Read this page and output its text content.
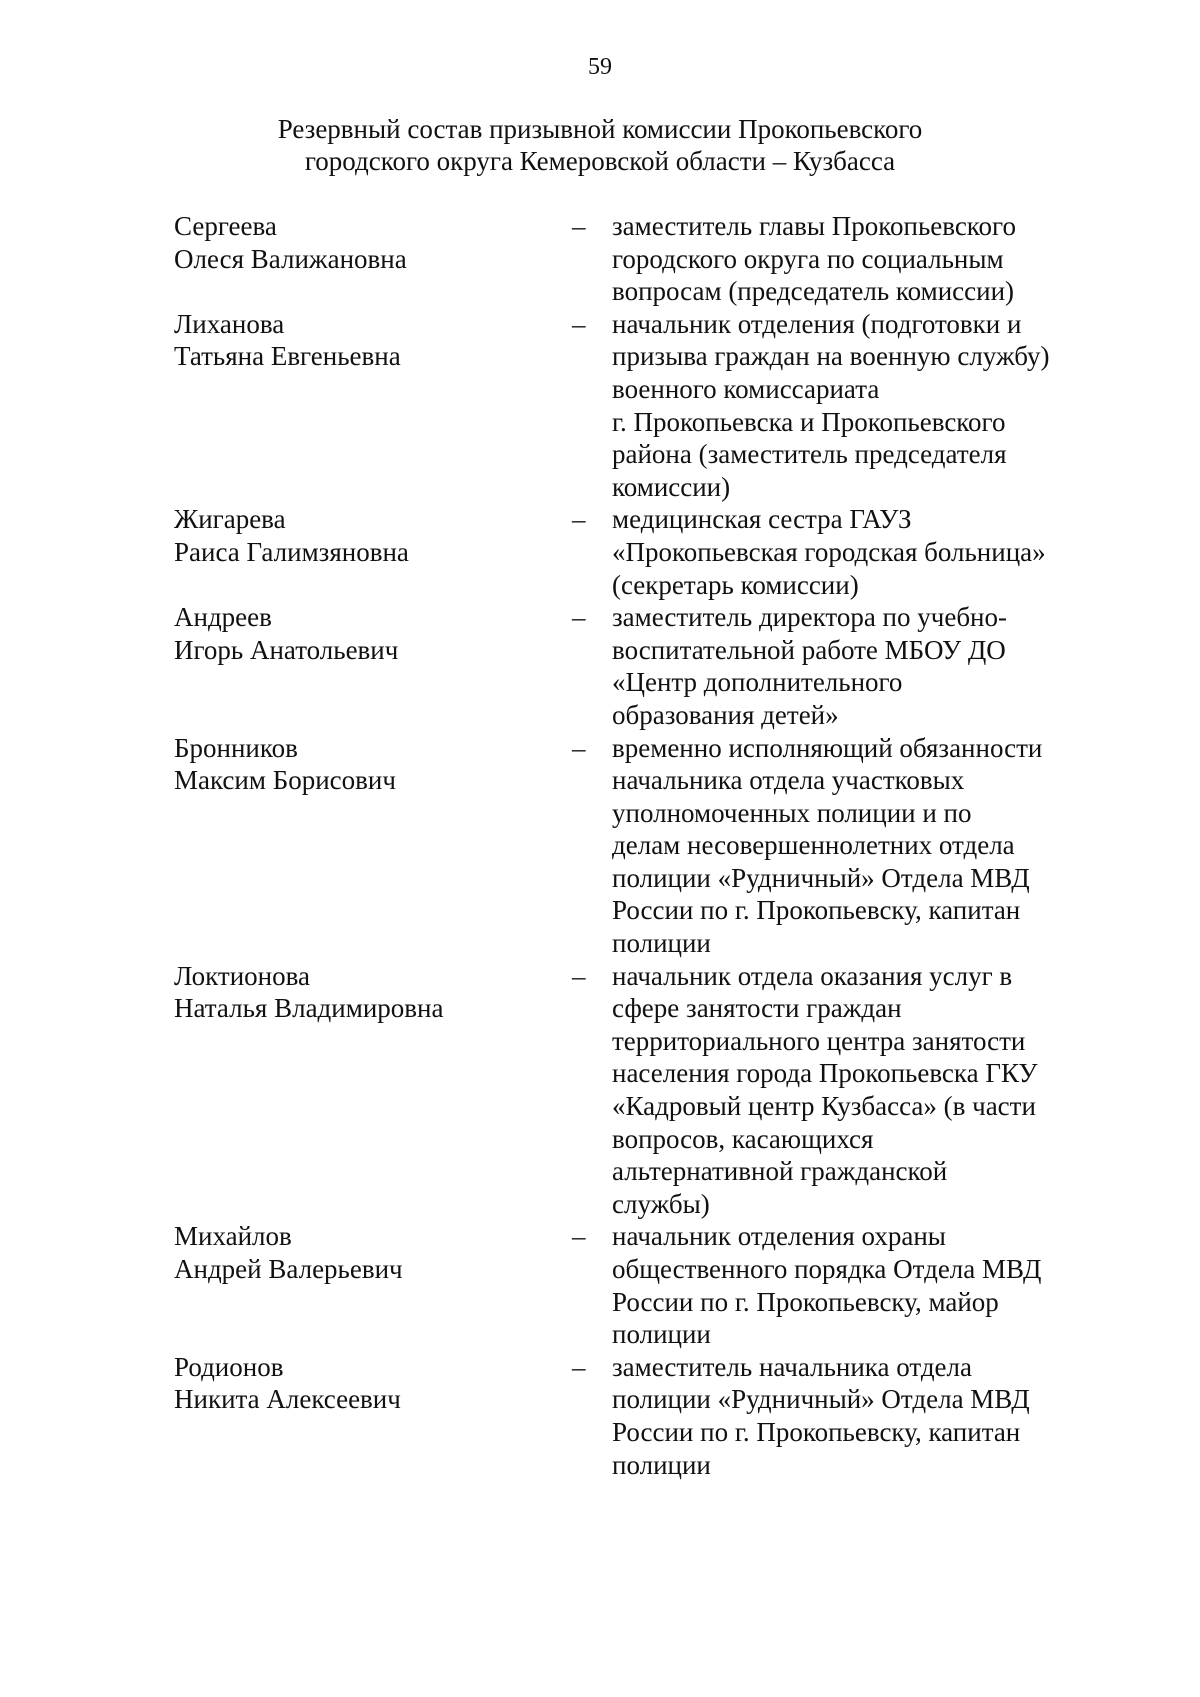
59
Резервный состав призывной комиссии Прокопьевского
городского округа Кемеровской области – Кузбасса
Сергеева
Олеся Валижановна
– заместитель главы Прокопьевского
городского округа по социальным
вопросам (председатель комиссии)
Лиханова
Татьяна Евгеньевна
– начальник отделения (подготовки и
призыва граждан на военную службу)
военного комиссариата
г. Прокопьевска и Прокопьевского
района (заместитель председателя
комиссии)
Жигарева
Раиса Галимзяновна
– медицинская сестра ГАУЗ
«Прокопьевская городская больница»
(секретарь комиссии)
Андреев
Игорь Анатольевич
– заместитель директора по учебно-
воспитательной работе МБОУ ДО
«Центр дополнительного
образования детей»
Бронников
Максим Борисович
– временно исполняющий обязанности
начальника отдела участковых
уполномоченных полиции и по
делам несовершеннолетних отдела
полиции «Рудничный» Отдела МВД
России по г. Прокопьевску, капитан
полиции
Локтионова
Наталья Владимировна
– начальник отдела оказания услуг в
сфере занятости граждан
территориального центра занятости
населения города Прокопьевска ГКУ
«Кадровый центр Кузбасса» (в части
вопросов, касающихся
альтернативной гражданской
службы)
Михайлов
Андрей Валерьевич
– начальник отделения охраны
общественного порядка Отдела МВД
России по г. Прокопьевску, майор
полиции
Родионов
Никита Алексеевич
– заместитель начальника отдела
полиции «Рудничный» Отдела МВД
России по г. Прокопьевску, капитан
полиции
